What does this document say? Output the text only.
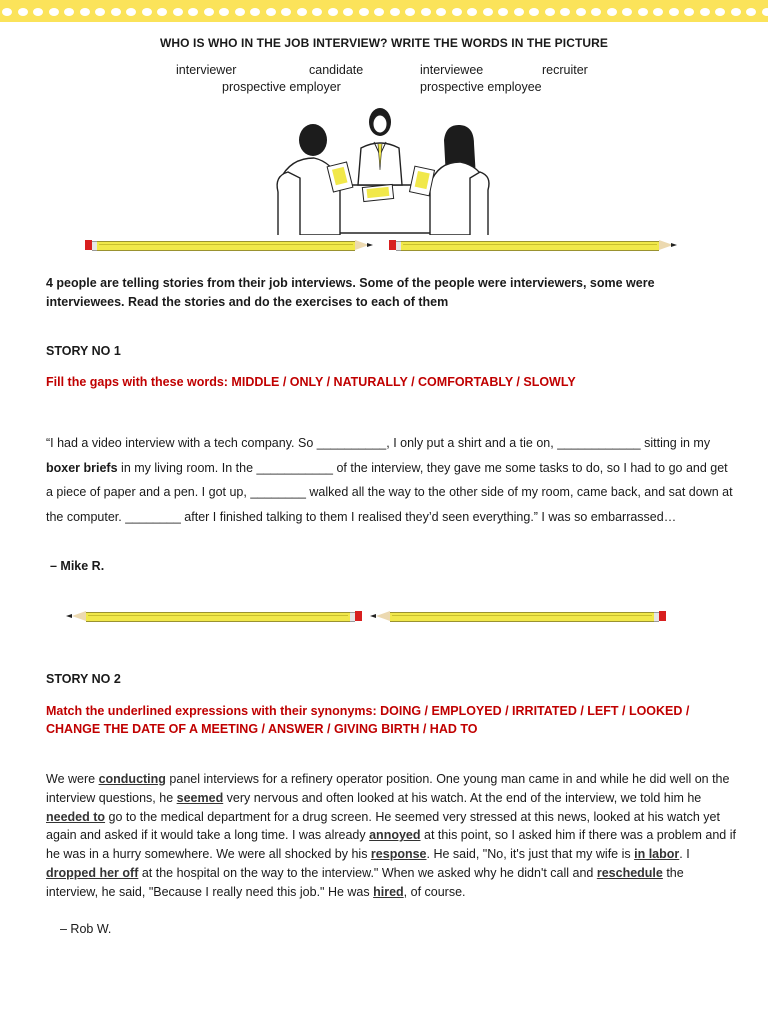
WHO IS WHO IN THE JOB INTERVIEW? WRITE THE WORDS IN THE PICTURE
interviewer	candidate	interviewee	recruiter
prospective employer	prospective employee
4 people are telling stories from their job interviews. Some of the people were interviewers, some were interviewees. Read the stories and do the exercises to each of them
STORY NO 1
Fill the gaps with these words: MIDDLE / ONLY / NATURALLY / COMFORTABLY / SLOWLY
“I had a video interview with a tech company. So __________, I only put a shirt and a tie on, ____________ sitting in my boxer briefs in my living room. In the ___________ of the interview, they gave me some tasks to do, so I had to go and get a piece of paper and a pen. I got up, ________ walked all the way to the other side of my room, came back, and sat down at the computer. ________ after I finished talking to them I realised they’d seen everything.” I was so embarrassed…
– Mike R.
STORY NO 2
Match the underlined expressions with their synonyms: DOING / EMPLOYED / IRRITATED / LEFT / LOOKED /
CHANGE THE DATE OF A MEETING / ANSWER / GIVING BIRTH / HAD TO
We were conducting panel interviews for a refinery operator position. One young man came in and while he did well on the interview questions, he seemed very nervous and often looked at his watch. At the end of the interview, we told him he needed to go to the medical department for a drug screen. He seemed very stressed at this news, looked at his watch yet again and asked if it would take a long time. I was already annoyed at this point, so I asked him if there was a problem and if he was in a hurry somewhere. We were all shocked by his response. He said, "No, it's just that my wife is in labor. I dropped her off at the hospital on the way to the interview." When we asked why he didn't call and reschedule the interview, he said, "Because I really need this job." He was hired, of course.
– Rob W.
